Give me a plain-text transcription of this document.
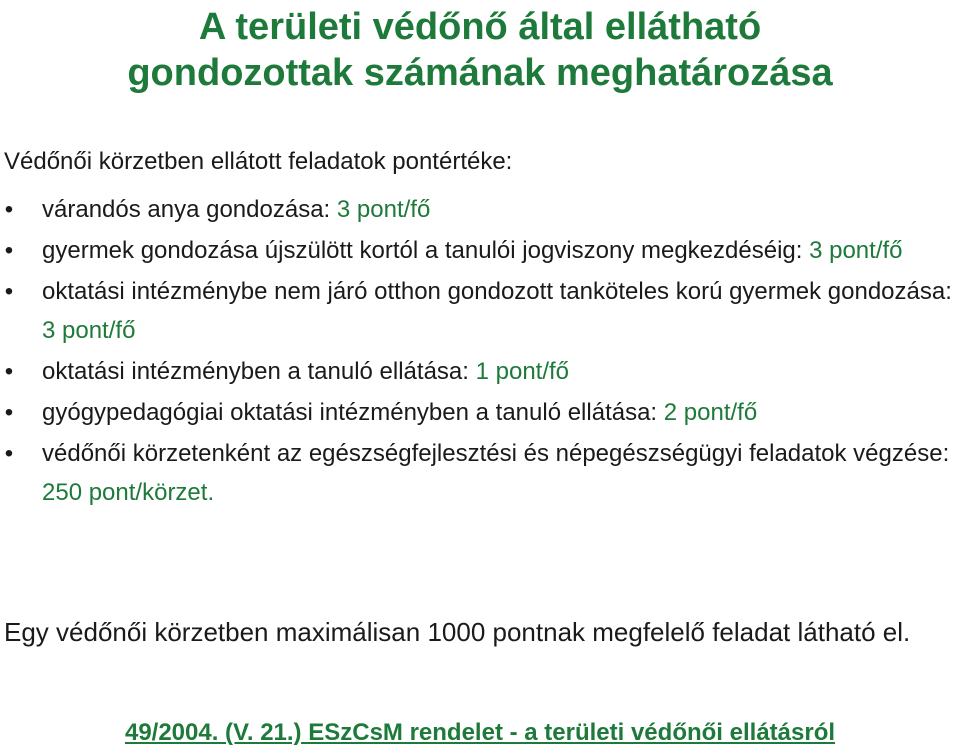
A területi védőnő által ellátható
gondozottak számának meghatározása

Védőnői körzetben ellátott feladatok pontértéke:

• várandós anya gondozása: 3 pont/fő
• gyermek gondozása újszülött kortól a tanulói jogviszony megkezdéséig: 3 pont/fő
• oktatási intézménybe nem járó otthon gondozott tanköteles korú gyermek gondozása: 3 pont/fő
• oktatási intézményben a tanuló ellátása: 1 pont/fő
• gyógypedagógiai oktatási intézményben a tanuló ellátása: 2 pont/fő
• védőnői körzetenként az egészségfejlesztési és népegészségügyi feladatok végzése: 250 pont/körzet.

Egy védőnői körzetben maximálisan 1000 pontnak megfelelő feladat látható el.

49/2004. (V. 21.) ESzCsM rendelet - a területi védőnői ellátásról
